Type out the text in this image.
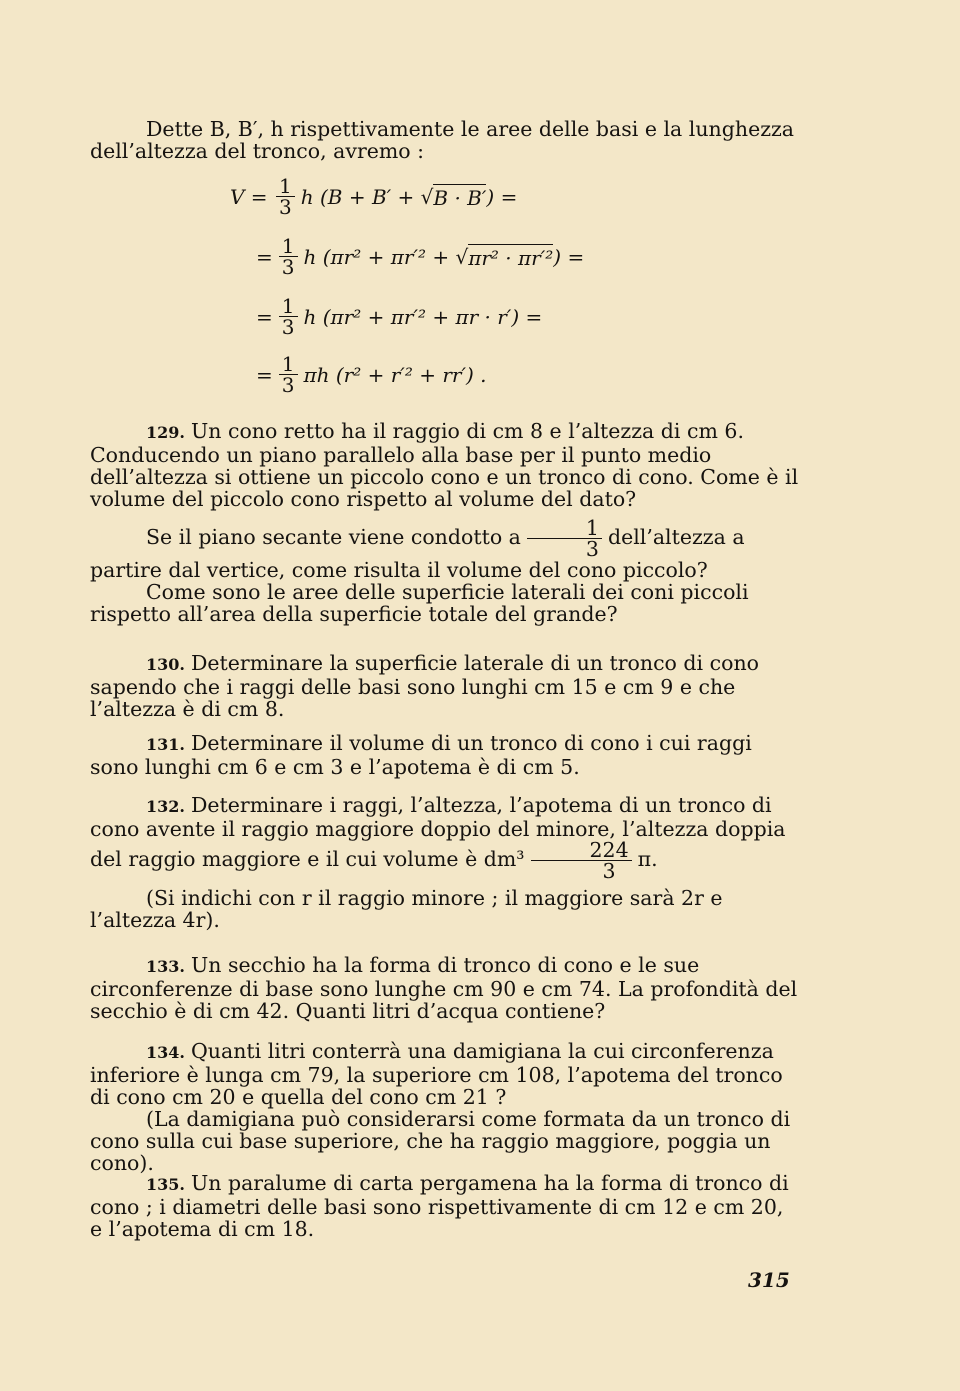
Dette B, B′, h rispettivamente le aree delle basi e la lunghezza

dell’altezza del tronco, avremo :

$V = \frac{1}{3}$ h (B + B′ + √ B · B′ ) =
= $\frac{1}{3}$ h (πr² + πr′² + √ πr² · πr′² ) =
= $\frac{1}{3}$ h (πr² + πr′² + πr · r′) =
= $\frac{1}{3}$ πh (r² + r′² + rr′) .

129. Un cono retto ha il raggio di cm 8 e l’altezza di cm 6. Conducendo un piano parallelo alla base per il punto medio dell’altezza si ottiene un piccolo cono e un tronco di cono. Come è il volume del piccolo cono rispetto al volume del dato?

Se il piano secante viene condotto a $\frac{1}{3}$ dell’altezza a partire dal vertice, come risulta il volume del cono piccolo?

Come sono le aree delle superficie laterali dei coni piccoli rispetto all’area della superficie totale del grande?

130. Determinare la superficie laterale di un tronco di cono sapendo che i raggi delle basi sono lunghi cm 15 e cm 9 e che l’altezza è di cm 8.

131. Determinare il volume di un tronco di cono i cui raggi sono lunghi cm 6 e cm 3 e l’apotema è di cm 5.

132. Determinare i raggi, l’altezza, l’apotema di un tronco di cono avente il raggio maggiore doppio del minore, l’altezza doppia del raggio maggiore e il cui volume è $dm^3 \frac{224}{3} \pi$.

(Si indichi con r il raggio minore ; il maggiore sarà 2r e l’altezza 4r).

133. Un secchio ha la forma di tronco di cono e le sue circonferenze di base sono lunghe cm 90 e cm 74. La profondità del secchio è di cm 42. Quanti litri d’acqua contiene?

134. Quanti litri conterrà una damigiana la cui circonferenza inferiore è lunga cm 79, la superiore cm 108, l’apotema del tronco di cono cm 20 e quella del cono cm 21 ?

(La damigiana può considerarsi come formata da un tronco di cono sulla cui base superiore, che ha raggio maggiore, poggia un cono).

135. Un paralume di carta pergamena ha la forma di tronco di cono ; i diametri delle basi sono rispettivamente di cm 12 e cm 20, e l’apotema di cm 18.

315
